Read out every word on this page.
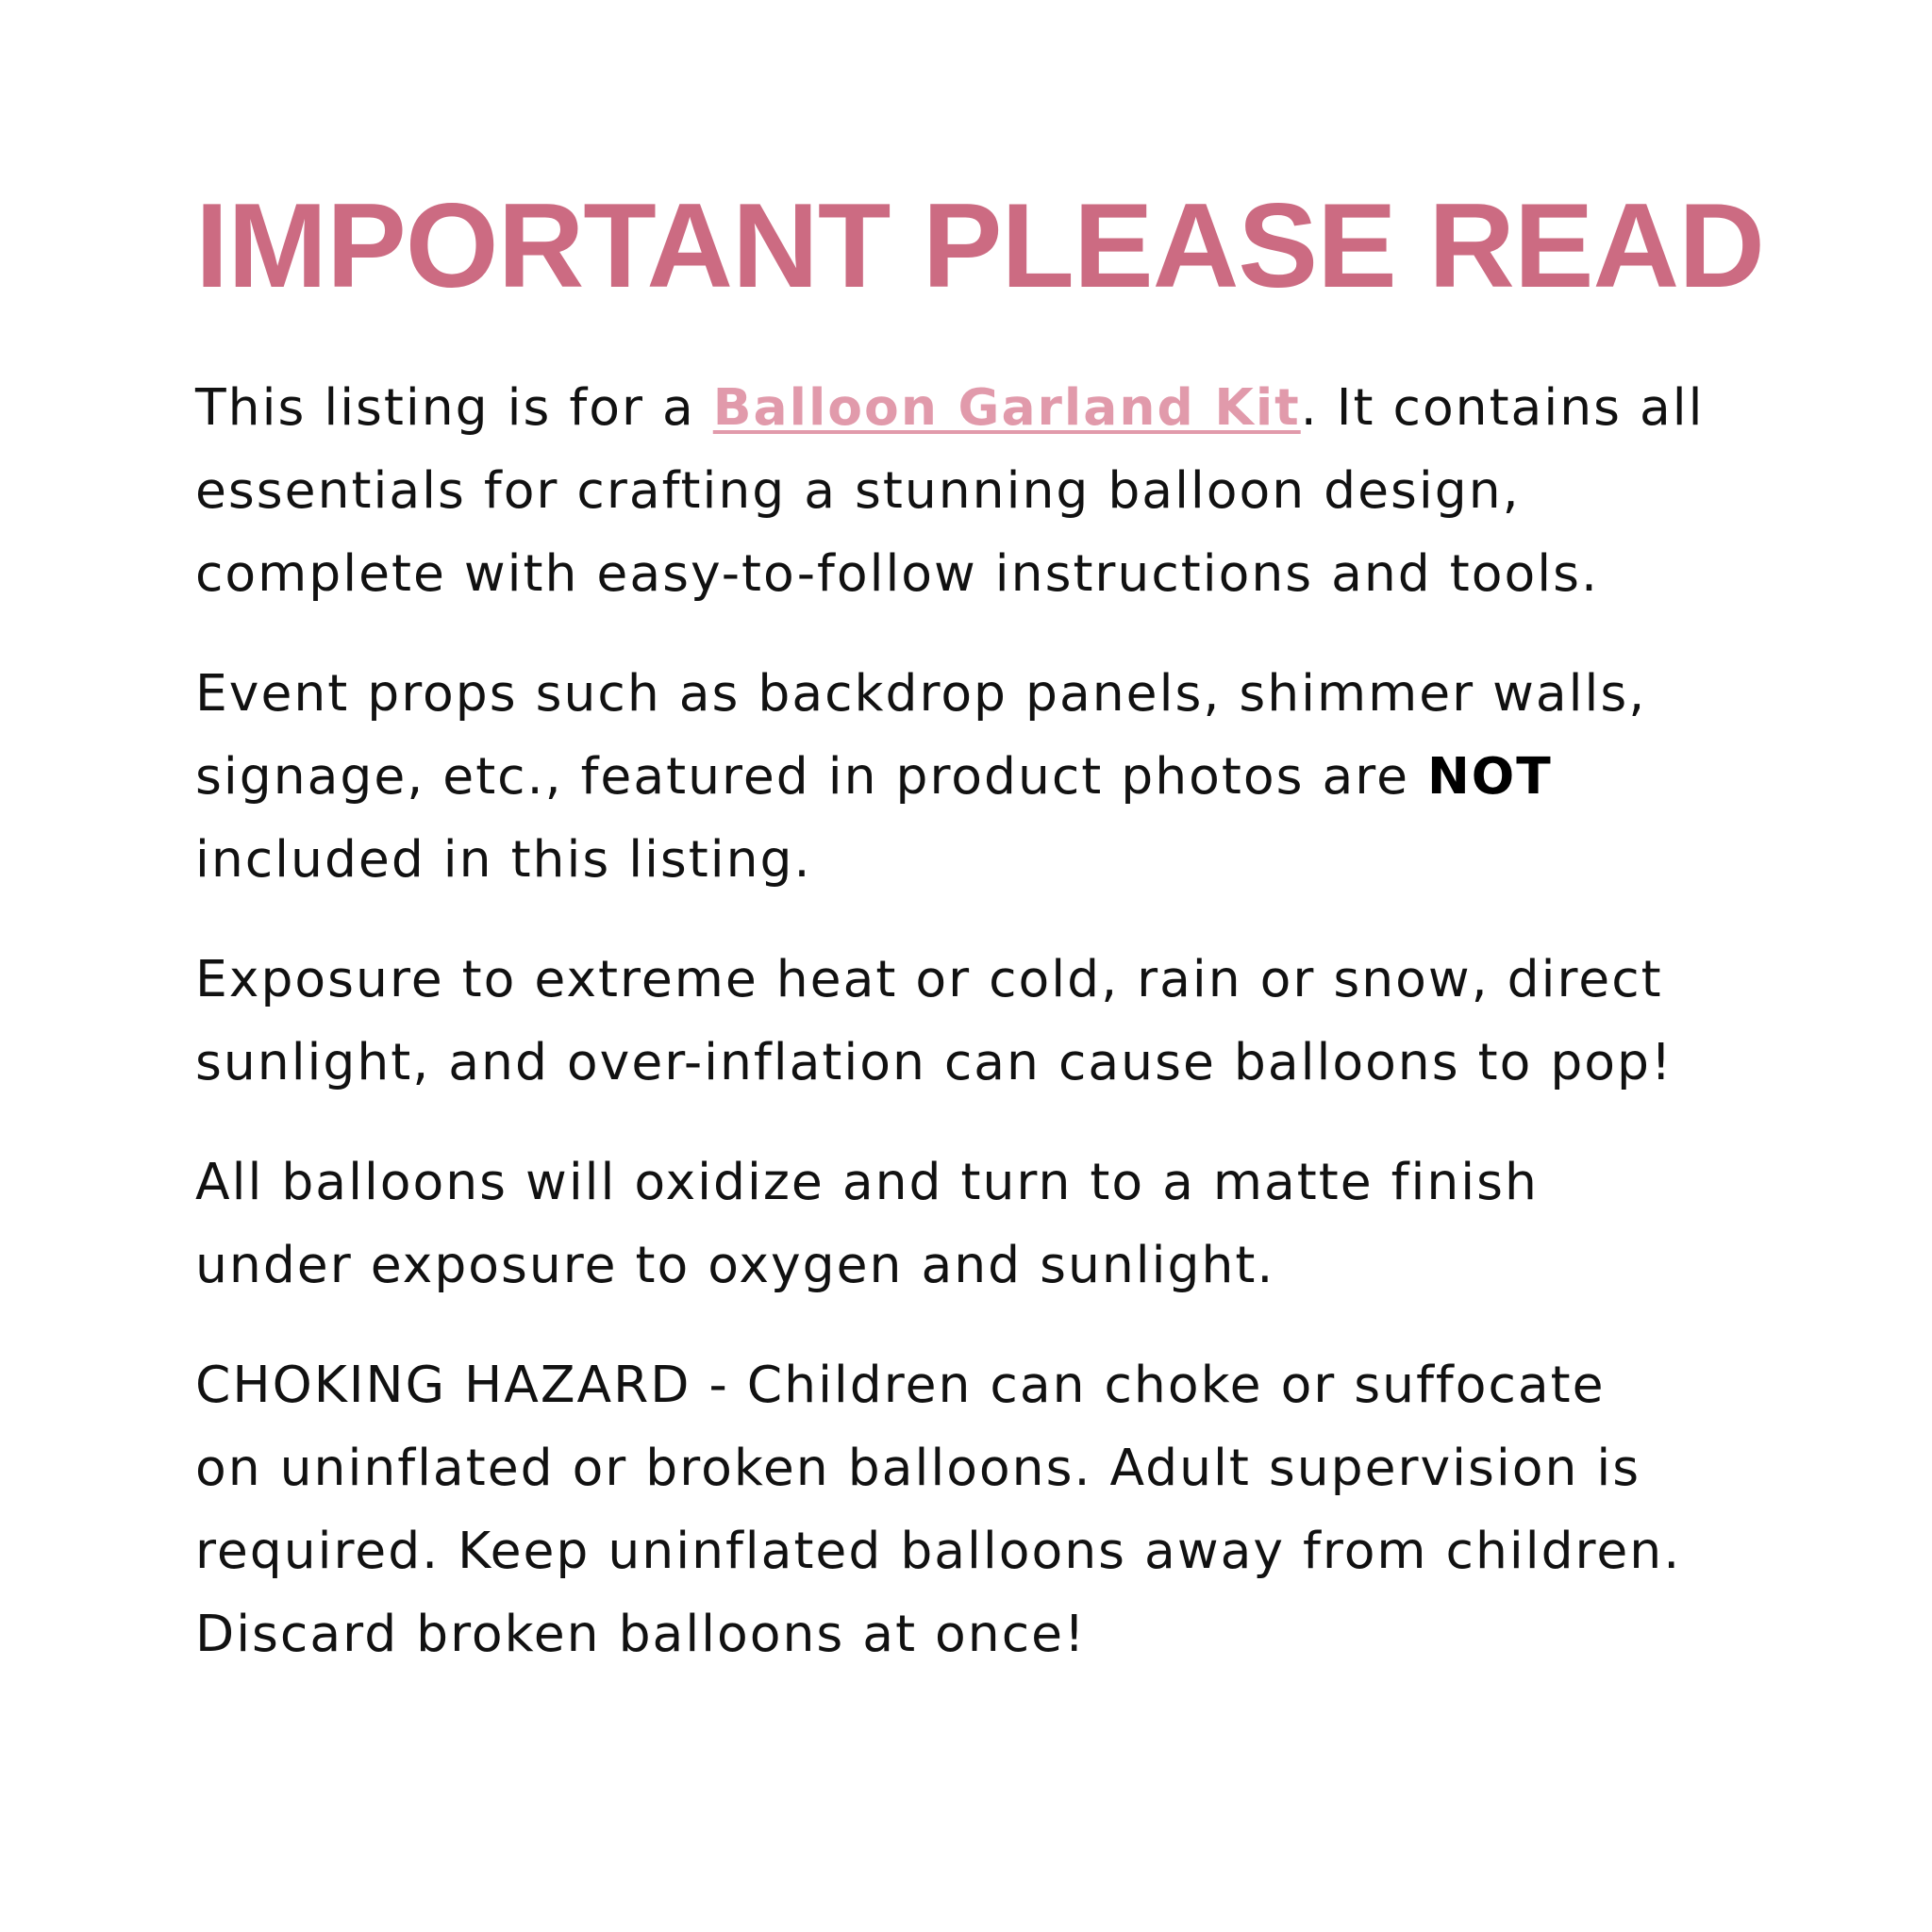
IMPORTANT PLEASE READ

This listing is for a Balloon Garland Kit. It contains all
essentials for crafting a stunning balloon design,
complete with easy-to-follow instructions and tools.

Event props such as backdrop panels, shimmer walls,
signage, etc., featured in product photos are NOT
included in this listing.

Exposure to extreme heat or cold, rain or snow, direct
sunlight, and over-inflation can cause balloons to pop!

All balloons will oxidize and turn to a matte finish
under exposure to oxygen and sunlight.

CHOKING HAZARD - Children can choke or suffocate
on uninflated or broken balloons. Adult supervision is
required. Keep uninflated balloons away from children.
Discard broken balloons at once!
